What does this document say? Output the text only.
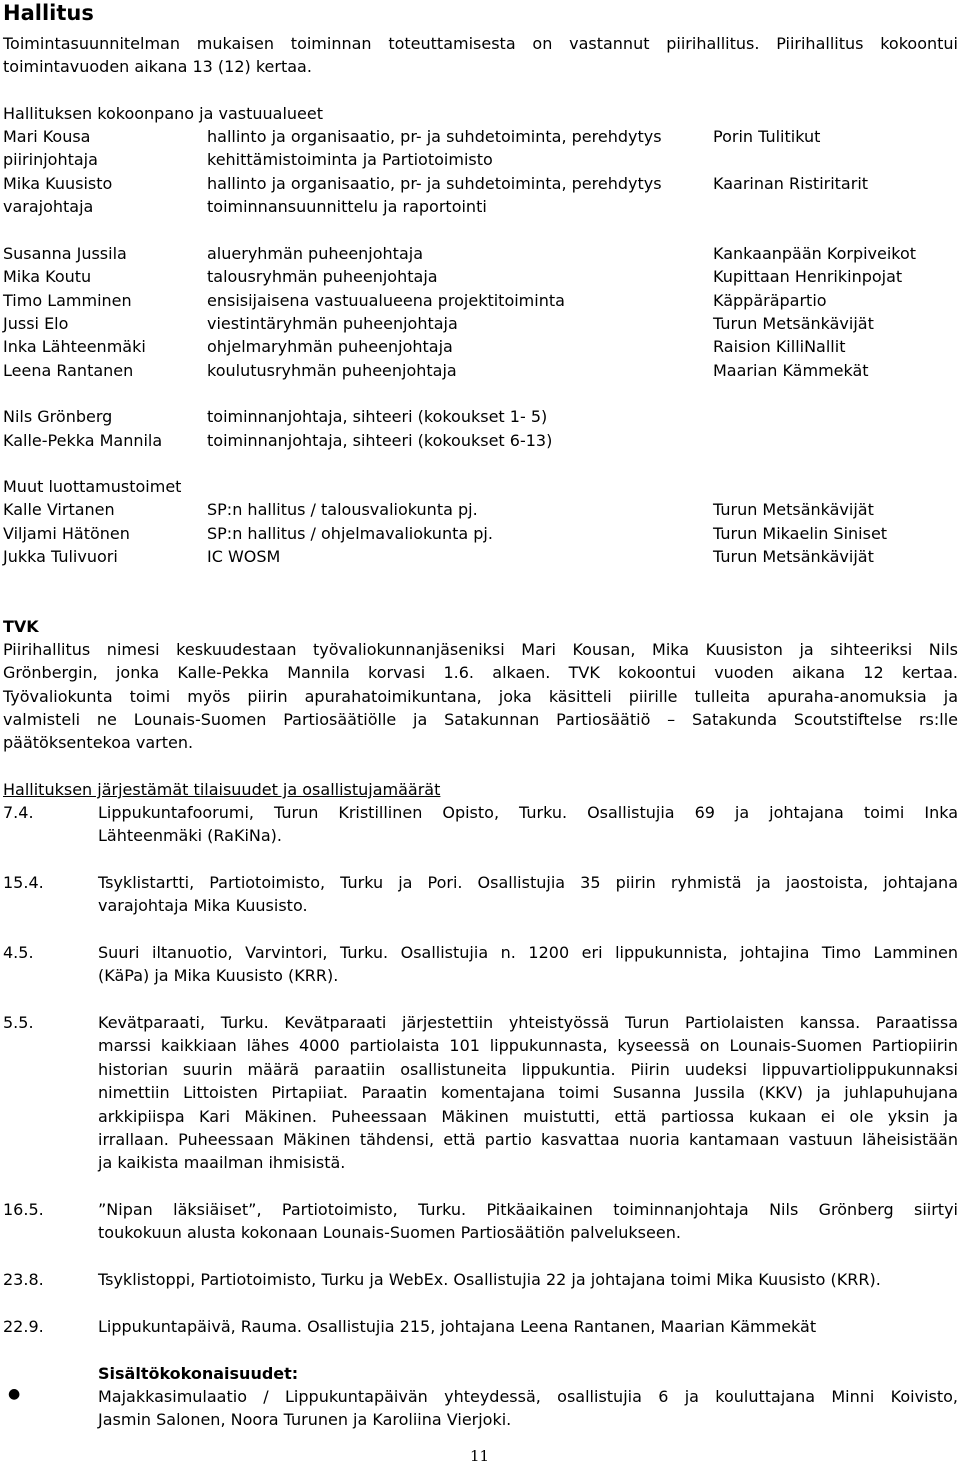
Hallitus
Toimintasuunnitelman mukaisen toiminnan toteuttamisesta on vastannut piirihallitus. Piirihallitus kokoontui
toimintavuoden aikana 13 (12) kertaa.
Hallituksen kokoonpano ja vastuualueet
Mari Kousa	hallinto ja organisaatio, pr- ja suhdetoiminta, perehdytys	Porin Tulitikut
piirinjohtaja	kehittämistoiminta ja Partiotoimisto
Mika Kuusisto	hallinto ja organisaatio, pr- ja suhdetoiminta, perehdytys	Kaarinan Ristiritarit
varajohtaja	toiminnansuunnittelu ja raportointi
Susanna Jussila	alueryhmän puheenjohtaja	Kankaanpään Korpiveikot
Mika Koutu	talousryhmän puheenjohtaja	Kupittaan Henrikinpojat
Timo Lamminen	ensisijaisena vastuualueena projektitoiminta	Käppäräpartio
Jussi Elo	viestintäryhmän puheenjohtaja	Turun Metsänkävijät
Inka Lähteenmäki	ohjelmaryhmän puheenjohtaja	Raision KilliNallit
Leena Rantanen	koulutusryhmän puheenjohtaja	Maarian Kämmekät
Nils Grönberg	toiminnanjohtaja, sihteeri (kokoukset 1- 5)
Kalle-Pekka Mannila	toiminnanjohtaja, sihteeri (kokoukset 6-13)
Muut luottamustoimet
Kalle Virtanen	SP:n hallitus / talousvaliokunta pj.	Turun Metsänkävijät
Viljami Hätönen	SP:n hallitus / ohjelmavaliokunta pj.	Turun Mikaelin Siniset
Jukka Tulivuori	IC WOSM	Turun Metsänkävijät
TVK
Piirihallitus nimesi keskuudestaan työvaliokunnanjäseniksi Mari Kousan, Mika Kuusiston ja sihteeriksi Nils
Grönbergin, jonka Kalle-Pekka Mannila korvasi 1.6. alkaen. TVK kokoontui vuoden aikana 12 kertaa.
Työvaliokunta toimi myös piirin apurahatoimikuntana, joka käsitteli piirille tulleita apuraha-anomuksia ja
valmisteli ne Lounais-Suomen Partiosäätiölle ja Satakunnan Partiosäätiö – Satakunda Scoutstiftelse rs:lle
päätöksentekoa varten.
Hallituksen järjestämät tilaisuudet ja osallistujamäärät
7.4.	Lippukuntafoorumi, Turun Kristillinen Opisto, Turku. Osallistujia 69 ja johtajana toimi Inka
Lähteenmäki (RaKiNa).
15.4.	Tsyklistartti, Partiotoimisto, Turku ja Pori. Osallistujia 35 piirin ryhmistä ja jaostoista, johtajana
varajohtaja Mika Kuusisto.
4.5.	Suuri iltanuotio, Varvintori, Turku. Osallistujia n. 1200 eri lippukunnista, johtajina Timo Lamminen
(KäPa) ja Mika Kuusisto (KRR).
5.5.	Kevätparaati, Turku. Kevätparaati järjestettiin yhteistyössä Turun Partiolaisten kanssa. Paraatissa
marssi kaikkiaan lähes 4000 partiolaista 101 lippukunnasta, kyseessä on Lounais-Suomen Partiopiirin
historian suurin määrä paraatiin osallistuneita lippukuntia. Piirin uudeksi lippuvartiolippukunnaksi
nimettiin Littoisten Pirtapiiat. Paraatin komentajana toimi Susanna Jussila (KKV) ja juhlapuhujana
arkkipiispa Kari Mäkinen. Puheessaan Mäkinen muistutti, että partiossa kukaan ei ole yksin ja
irrallaan. Puheessaan Mäkinen tähdensi, että partio kasvattaa nuoria kantamaan vastuun läheisistään
ja kaikista maailman ihmisistä.
16.5.	”Nipan läksiäiset”, Partiotoimisto, Turku. Pitkäaikainen toiminnanjohtaja Nils Grönberg siirtyi
toukokuun alusta kokonaan Lounais-Suomen Partiosäätiön palvelukseen.
23.8.	Tsyklistoppi, Partiotoimisto, Turku ja WebEx. Osallistujia 22 ja johtajana toimi Mika Kuusisto (KRR).
22.9.	Lippukuntapäivä, Rauma. Osallistujia 215, johtajana Leena Rantanen, Maarian Kämmekät
Sisältökokonaisuudet:
●	Majakkasimulaatio / Lippukuntapäivän yhteydessä, osallistujia 6 ja kouluttajana Minni Koivisto,
Jasmin Salonen, Noora Turunen ja Karoliina Vierjoki.
11
